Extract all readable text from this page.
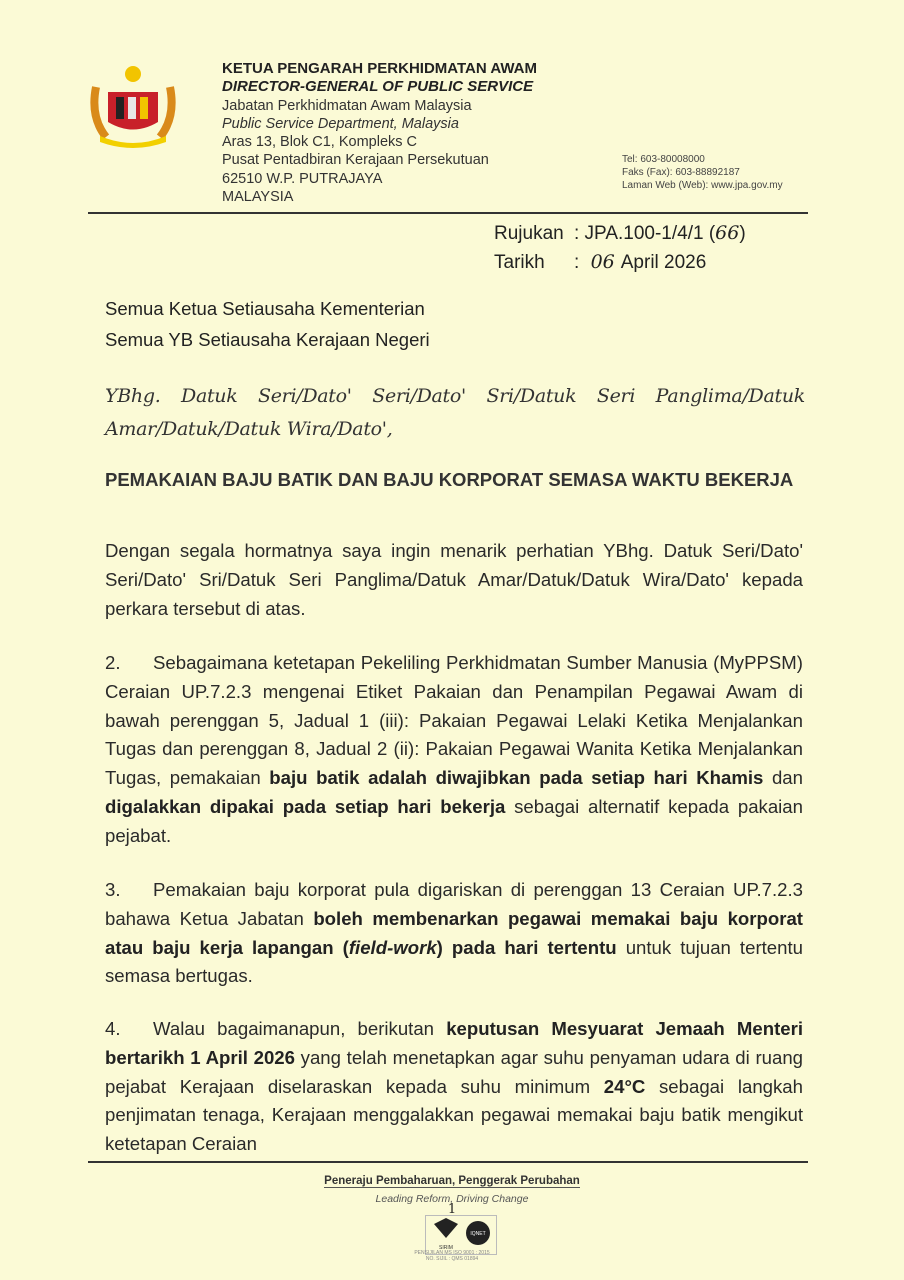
KETUA PENGARAH PERKHIDMATAN AWAM
DIRECTOR-GENERAL OF PUBLIC SERVICE
Jabatan Perkhidmatan Awam Malaysia
Public Service Department, Malaysia
Aras 13, Blok C1, Kompleks C
Pusat Pentadbiran Kerajaan Persekutuan
62510 W.P. PUTRAJAYA
MALAYSIA
Tel: 603-80008000
Faks (Fax): 603-88892187
Laman Web (Web): www.jpa.gov.my
Rujukan : JPA.100-1/4/1 (66)
Tarikh : 06 April 2026
Semua Ketua Setiausaha Kementerian
Semua YB Setiausaha Kerajaan Negeri
YBhg. Datuk Seri/Dato' Seri/Dato' Sri/Datuk Seri Panglima/Datuk
Amar/Datuk/Datuk Wira/Dato',
PEMAKAIAN BAJU BATIK DAN BAJU KORPORAT SEMASA WAKTU BEKERJA
Dengan segala hormatnya saya ingin menarik perhatian YBhg. Datuk Seri/Dato' Seri/Dato' Sri/Datuk Seri Panglima/Datuk Amar/Datuk/Datuk Wira/Dato' kepada perkara tersebut di atas.
2. Sebagaimana ketetapan Pekeliling Perkhidmatan Sumber Manusia (MyPPSM) Ceraian UP.7.2.3 mengenai Etiket Pakaian dan Penampilan Pegawai Awam di bawah perenggan 5, Jadual 1 (iii): Pakaian Pegawai Lelaki Ketika Menjalankan Tugas dan perenggan 8, Jadual 2 (ii): Pakaian Pegawai Wanita Ketika Menjalankan Tugas, pemakaian baju batik adalah diwajibkan pada setiap hari Khamis dan digalakkan dipakai pada setiap hari bekerja sebagai alternatif kepada pakaian pejabat.
3. Pemakaian baju korporat pula digariskan di perenggan 13 Ceraian UP.7.2.3 bahawa Ketua Jabatan boleh membenarkan pegawai memakai baju korporat atau baju kerja lapangan (field-work) pada hari tertentu untuk tujuan tertentu semasa bertugas.
4. Walau bagaimanapun, berikutan keputusan Mesyuarat Jemaah Menteri bertarikh 1 April 2026 yang telah menetapkan agar suhu penyaman udara di ruang pejabat Kerajaan diselaraskan kepada suhu minimum 24°C sebagai langkah penjimatan tenaga, Kerajaan menggalakkan pegawai memakai baju batik mengikut ketetapan Ceraian
Peneraju Pembaharuan, Penggerak Perubahan
Leading Reform, Driving Change
1
SIRIM
IQNET
PENSIJILAN MS ISO 9001 : 2015
NO. SIJIL : QMS 01894
